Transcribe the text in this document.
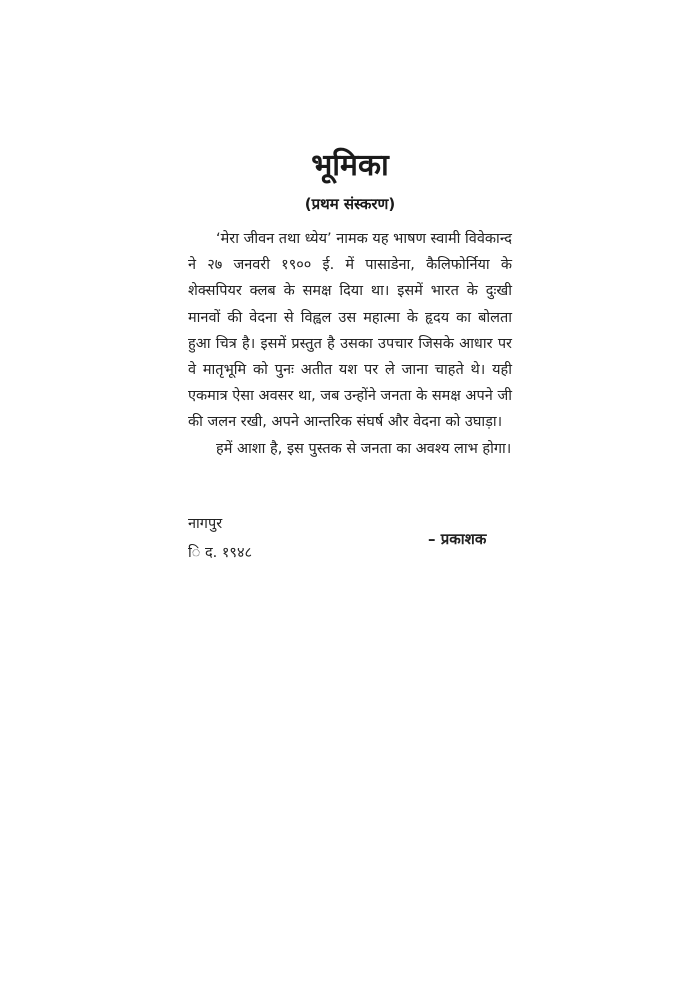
भूमिका
(प्रथम संस्करण)

‘मेरा जीवन तथा ध्येय’ नामक यह भाषण स्वामी विवेकान्द ने २७ जनवरी १९०० ई. में पासाडेना, कैलिफोर्निया के शेक्सपियर क्लब के समक्ष दिया था। इसमें भारत के दुःखी मानवों की वेदना से विह्वल उस महात्मा के हृदय का बोलता हुआ चित्र है। इसमें प्रस्तुत है उसका उपचार जिसके आधार पर वे मातृभूमि को पुनः अतीत यश पर ले जाना चाहते थे। यही एकमात्र ऐसा अवसर था, जब उन्होंने जनता के समक्ष अपने जी की जलन रखी, अपने आन्तरिक संघर्ष और वेदना को उघाड़ा।

हमें आशा है, इस पुस्तक से जनता का अवश्य लाभ होगा।

नागपुर
ि द. १९४८
– प्रकाशक
